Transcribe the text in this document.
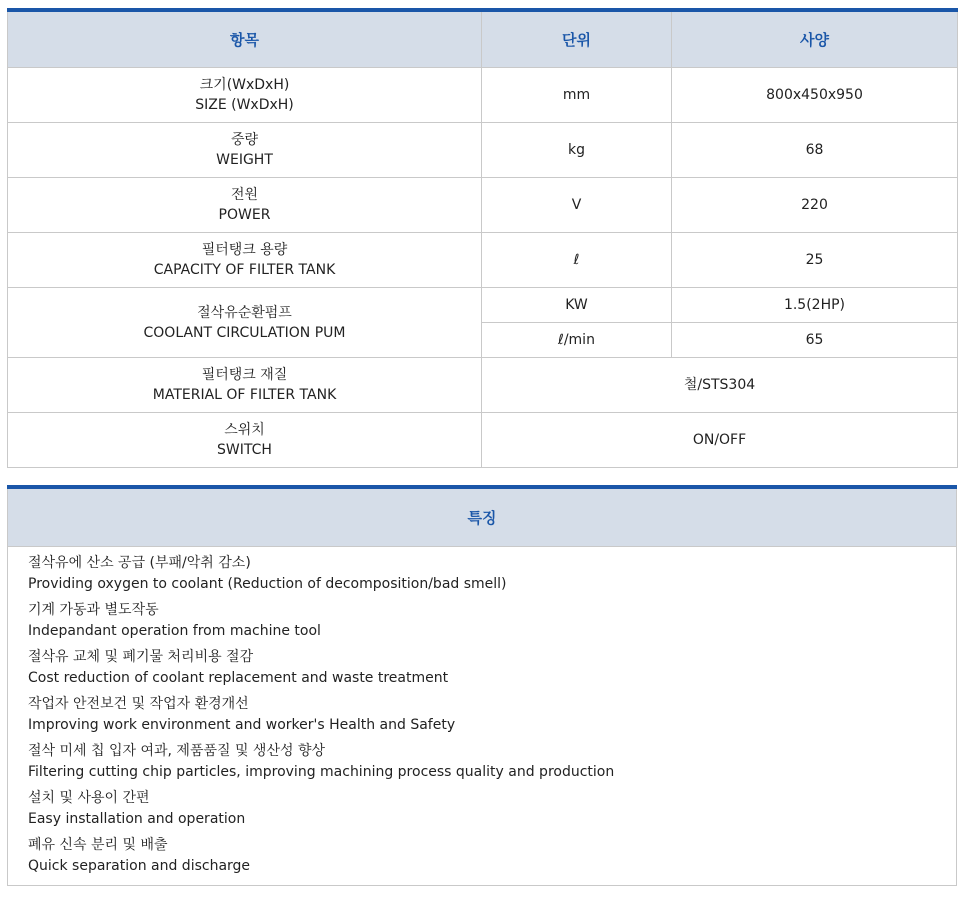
항목	단위	사양

크기(WxDxH)
SIZE (WxDxH)	mm	800x450x950

중량
WEIGHT	kg	68

전원
POWER	V	220

필터탱크 용량
CAPACITY OF FILTER TANK	ℓ	25

절삭유순환펌프
COOLANT CIRCULATION PUM	KW	1.5(2HP)
	ℓ/min	65

필터탱크 재질
MATERIAL OF FILTER TANK	철/STS304	

스위치
SWITCH	ON/OFF	
특징

절삭유에 산소 공급 (부패/악취 감소)
Providing oxygen to coolant (Reduction of decomposition/bad smell)
기계 가동과 별도작동
Indepandant operation from machine tool
절삭유 교체 및 폐기물 처리비용 절감
Cost reduction of coolant replacement and waste treatment
작업자 안전보건 및 작업자 환경개선
Improving work environment and worker's Health and Safety
절삭 미세 칩 입자 여과, 제품품질 및 생산성 향상
Filtering cutting chip particles, improving machining process quality and production
설치 및 사용이 간편
Easy installation and operation
폐유 신속 분리 및 배출
Quick separation and discharge
